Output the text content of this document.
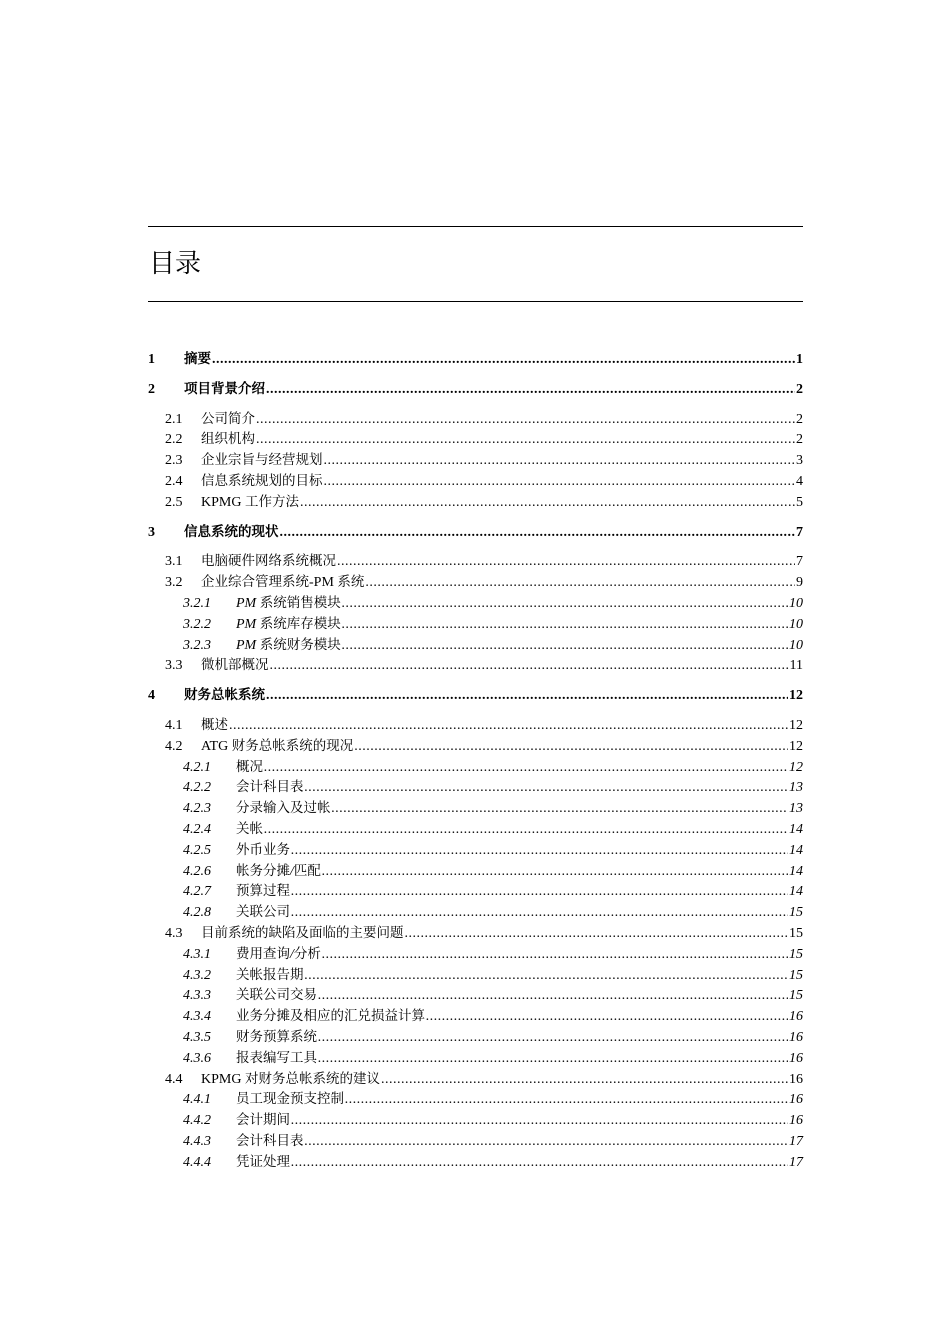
目录
1	摘要 .....	1
2	项目背景介绍 .....	2
2.1	公司简介 .....	2
2.2	组织机构 .....	2
2.3	企业宗旨与经营规划 .....	3
2.4	信息系统规划的目标 .....	4
2.5	KPMG 工作方法 .....	5
3	信息系统的现状 .....	7
3.1	电脑硬件网络系统概况 .....	7
3.2	企业综合管理系统-PM 系统 .....	9
3.2.1	PM 系统销售模块 .....	10
3.2.2	PM 系统库存模块 .....	10
3.2.3	PM 系统财务模块 .....	10
3.3	微机部概况 .....	11
4	财务总帐系统 .....	12
4.1	概述 .....	12
4.2	ATG 财务总帐系统的现况 .....	12
4.2.1	概况 .....	12
4.2.2	会计科目表 .....	13
4.2.3	分录输入及过帐 .....	13
4.2.4	关帐 .....	14
4.2.5	外币业务 .....	14
4.2.6	帐务分摊/匹配 .....	14
4.2.7	预算过程 .....	14
4.2.8	关联公司 .....	15
4.3	目前系统的缺陷及面临的主要问题 .....	15
4.3.1	费用查询/分析 .....	15
4.3.2	关帐报告期 .....	15
4.3.3	关联公司交易 .....	15
4.3.4	业务分摊及相应的汇兑损益计算 .....	16
4.3.5	财务预算系统 .....	16
4.3.6	报表编写工具 .....	16
4.4	KPMG 对财务总帐系统的建议 .....	16
4.4.1	员工现金预支控制 .....	16
4.4.2	会计期间 .....	16
4.4.3	会计科目表 .....	17
4.4.4	凭证处理 .....	17
